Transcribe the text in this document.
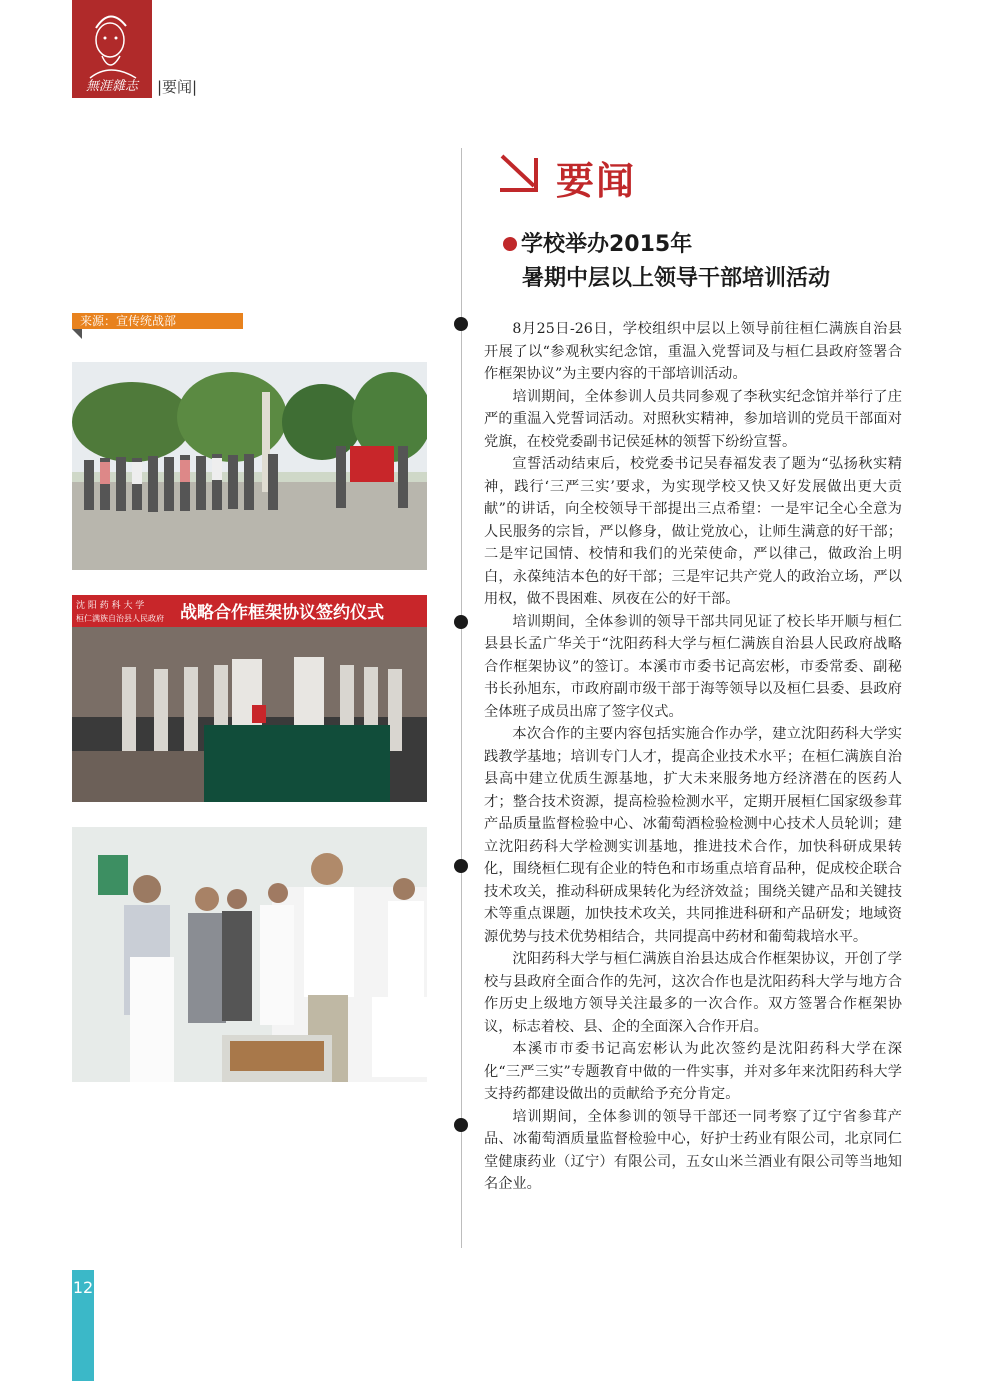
無涯雜志	|要闻|
要闻
学校举办2015年
暑期中层以上领导干部培训活动
来源：宣传统战部
沈 阳 药 科 大 学
桓仁满族自治县人民政府 战略合作框架协议签约仪式

8月25日-26日，学校组织中层以上领导前往桓仁满族自治县开展了以“参观秋实纪念馆，重温入党誓词及与桓仁县政府签署合作框架协议”为主要内容的干部培训活动。

培训期间，全体参训人员共同参观了李秋实纪念馆并举行了庄严的重温入党誓词活动。对照秋实精神，参加培训的党员干部面对党旗，在校党委副书记侯延林的领誓下纷纷宣誓。

宣誓活动结束后，校党委书记吴春福发表了题为“弘扬秋实精神，践行‘三严三实’要求，为实现学校又快又好发展做出更大贡献”的讲话，向全校领导干部提出三点希望：一是牢记全心全意为人民服务的宗旨，严以修身，做让党放心，让师生满意的好干部；二是牢记国情、校情和我们的光荣使命，严以律己，做政治上明白，永葆纯洁本色的好干部；三是牢记共产党人的政治立场，严以用权，做不畏困难、夙夜在公的好干部。

培训期间，全体参训的领导干部共同见证了校长毕开顺与桓仁县县长孟广华关于“沈阳药科大学与桓仁满族自治县人民政府战略合作框架协议”的签订。本溪市市委书记高宏彬，市委常委、副秘书长孙旭东，市政府副市级干部于海等领导以及桓仁县委、县政府全体班子成员出席了签字仪式。

本次合作的主要内容包括实施合作办学，建立沈阳药科大学实践教学基地；培训专门人才，提高企业技术水平；在桓仁满族自治县高中建立优质生源基地，扩大未来服务地方经济潜在的医药人才；整合技术资源，提高检验检测水平，定期开展桓仁国家级参茸产品质量监督检验中心、冰葡萄酒检验检测中心技术人员轮训；建立沈阳药科大学检测实训基地，推进技术合作，加快科研成果转化，围绕桓仁现有企业的特色和市场重点培育品种，促成校企联合技术攻关，推动科研成果转化为经济效益；围绕关键产品和关键技术等重点课题，加快技术攻关，共同推进科研和产品研发；地域资源优势与技术优势相结合，共同提高中药材和葡萄栽培水平。

沈阳药科大学与桓仁满族自治县达成合作框架协议，开创了学校与县政府全面合作的先河，这次合作也是沈阳药科大学与地方合作历史上级地方领导关注最多的一次合作。双方签署合作框架协议，标志着校、县、企的全面深入合作开启。

本溪市市委书记高宏彬认为此次签约是沈阳药科大学在深化“三严三实”专题教育中做的一件实事，并对多年来沈阳药科大学支持药都建设做出的贡献给予充分肯定。

培训期间，全体参训的领导干部还一同考察了辽宁省参茸产品、冰葡萄酒质量监督检验中心，好护士药业有限公司，北京同仁堂健康药业（辽宁）有限公司，五女山米兰酒业有限公司等当地知名企业。

12
